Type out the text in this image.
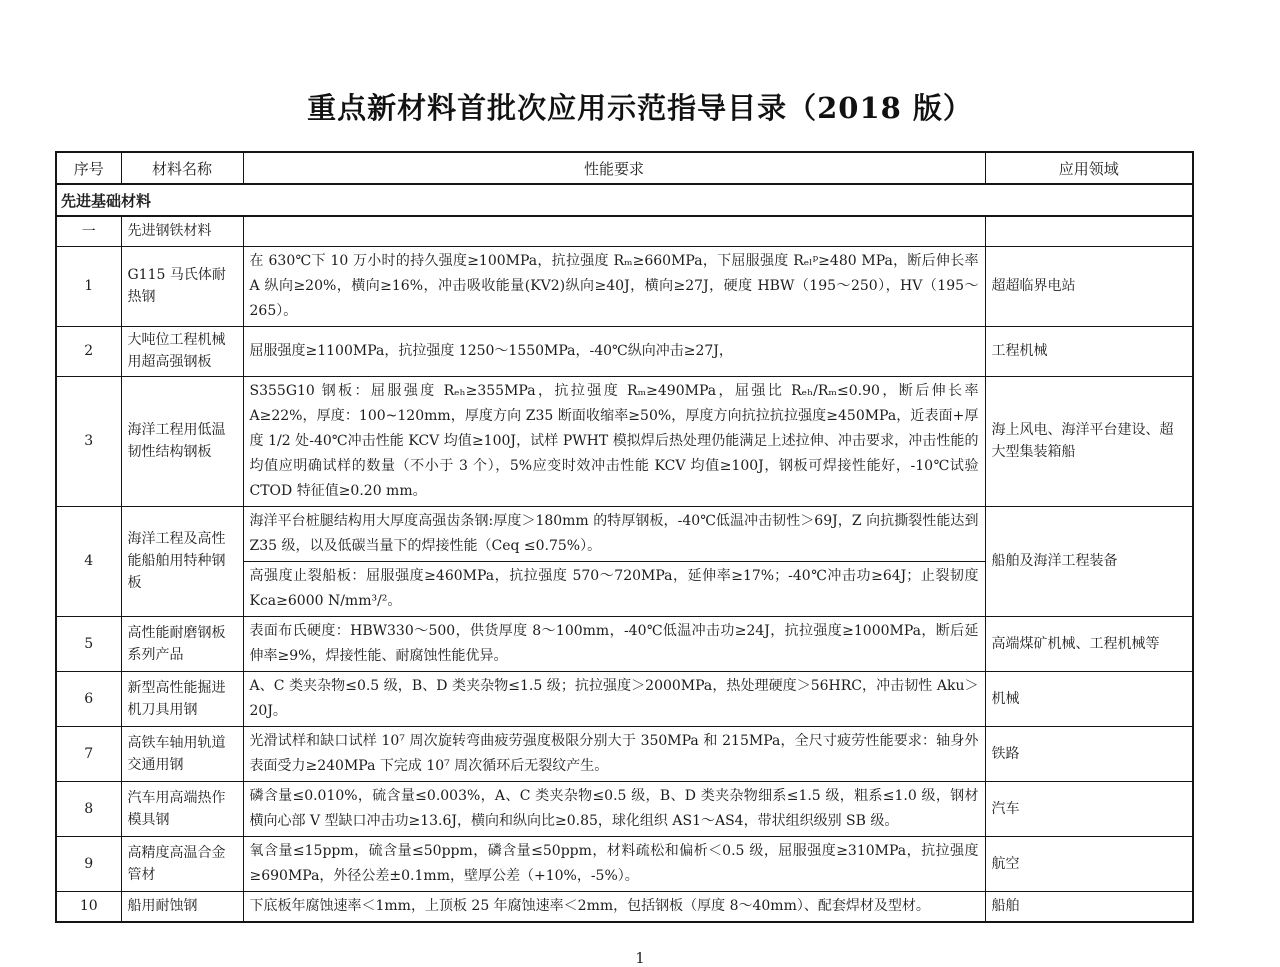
重点新材料首批次应用示范指导目录（2018 版）
序号	材料名称	性能要求	应用领域
先进基础材料			
一	先进钢铁材料		
1	G115 马氏体耐热钢	在 630℃下 10 万小时的持久强度≥100MPa，抗拉强度 Rₘ≥660MPa，下屈服强度 Rₑₗᵖ≥480 MPa，断后伸长率 A 纵向≥20%，横向≥16%，冲击吸收能量(KV2)纵向≥40J，横向≥27J，硬度 HBW（195～250），HV（195～265）。	超超临界电站
2	大吨位工程机械用超高强钢板	屈服强度≥1100MPa，抗拉强度 1250～1550MPa，-40℃纵向冲击≥27J，	工程机械
3	海洋工程用低温韧性结构钢板	S355G10 钢板：屈服强度 Rₑₕ≥355MPa，抗拉强度 Rₘ≥490MPa，屈强比 Rₑₕ/Rₘ≤0.90，断后伸长率 A≥22%，厚度：100~120mm，厚度方向 Z35 断面收缩率≥50%，厚度方向抗拉抗拉强度≥450MPa，近表面+厚度 1/2 处-40℃冲击性能 KCV 均值≥100J，试样 PWHT 模拟焊后热处理仍能满足上述拉伸、冲击要求，冲击性能的均值应明确试样的数量（不小于 3 个），5%应变时效冲击性能 KCV 均值≥100J，钢板可焊接性能好，-10℃试验 CTOD 特征值≥0.20 mm。	海上风电、海洋平台建设、超大型集装箱船
4	海洋工程及高性能船舶用特种钢板	海洋平台桩腿结构用大厚度高强齿条钢:厚度＞180mm 的特厚钢板，-40℃低温冲击韧性＞69J，Z 向抗撕裂性能达到 Z35 级，以及低碳当量下的焊接性能（Ceq ≤0.75%）。	船舶及海洋工程装备
		高强度止裂船板：屈服强度≥460MPa，抗拉强度 570～720MPa，延伸率≥17%；-40℃冲击功≥64J；止裂韧度 Kca≥6000 N/mm³/²。	
5	高性能耐磨钢板系列产品	表面布氏硬度：HBW330～500，供货厚度 8～100mm，-40℃低温冲击功≥24J，抗拉强度≥1000MPa，断后延伸率≥9%，焊接性能、耐腐蚀性能优异。	高端煤矿机械、工程机械等
6	新型高性能掘进机刀具用钢	A、C 类夹杂物≤0.5 级，B、D 类夹杂物≤1.5 级；抗拉强度＞2000MPa，热处理硬度＞56HRC，冲击韧性 Aku＞20J。	机械
7	高铁车轴用轨道交通用钢	光滑试样和缺口试样 10⁷ 周次旋转弯曲疲劳强度极限分别大于 350MPa 和 215MPa，全尺寸疲劳性能要求：轴身外表面受力≥240MPa 下完成 10⁷ 周次循环后无裂纹产生。	铁路
8	汽车用高端热作模具钢	磷含量≤0.010%，硫含量≤0.003%，A、C 类夹杂物≤0.5 级，B、D 类夹杂物细系≤1.5 级，粗系≤1.0 级，钢材横向心部 V 型缺口冲击功≥13.6J，横向和纵向比≥0.85，球化组织 AS1～AS4，带状组织级别 SB 级。	汽车
9	高精度高温合金管材	氧含量≤15ppm，硫含量≤50ppm，磷含量≤50ppm，材料疏松和偏析＜0.5 级，屈服强度≥310MPa，抗拉强度≥690MPa，外径公差±0.1mm，壁厚公差（+10%，-5%）。	航空
10	船用耐蚀钢	下底板年腐蚀速率＜1mm，上顶板 25 年腐蚀速率＜2mm，包括钢板（厚度 8～40mm）、配套焊材及型材。	船舶
1
